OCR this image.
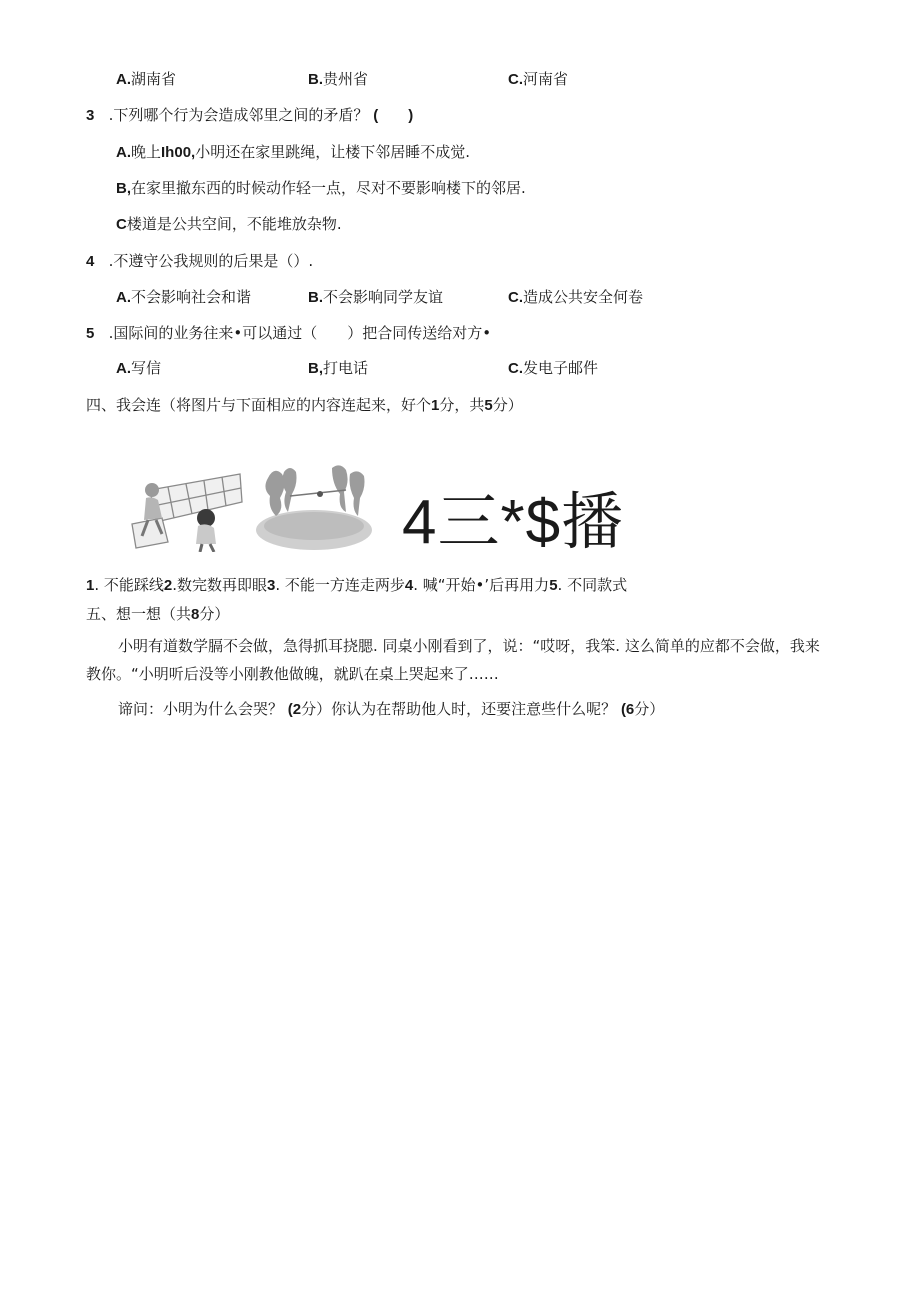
A.湖南省	B.贵州省	C.河南省
3 .下列哪个行为会造成邻里之间的矛盾？ (　　)
A.晚上Ih00,小明还在家里跳绳，让楼下邻居睡不成觉.
B,在家里撤东西的时候动作轻一点，尽对不要影响楼下的邻居.
C楼道是公共空间，不能堆放杂物.
4 .不遵守公我规则的后果是（）.
A.不会影响社会和谐	B.不会影响同学友谊	C.造成公共安全何卷
5 .国际间的业务往来•可以通过（　　）把合同传送给对方•
A.写信	B,打电话	C.发电子邮件
四、我会连（将图片与下面相应的内容连起来，好个1分，共5分）
4三*$播
1. 不能踩线2.数完数再即眼3. 不能一方连走两步4. 喊“开始•’后再用力5. 不同款式
五、想一想（共8分）
小明有道数学膈不会做，急得抓耳挠腮. 同桌小刚看到了，说：“哎呀，我笨. 这么简单的应都不会做，我来
教你。“小明听后没等小刚教他做魄，就趴在桌上哭起来了……
谛问：小明为什么会哭？ (2分）你认为在帮助他人时，还要注意些什么呢？ (6分）
